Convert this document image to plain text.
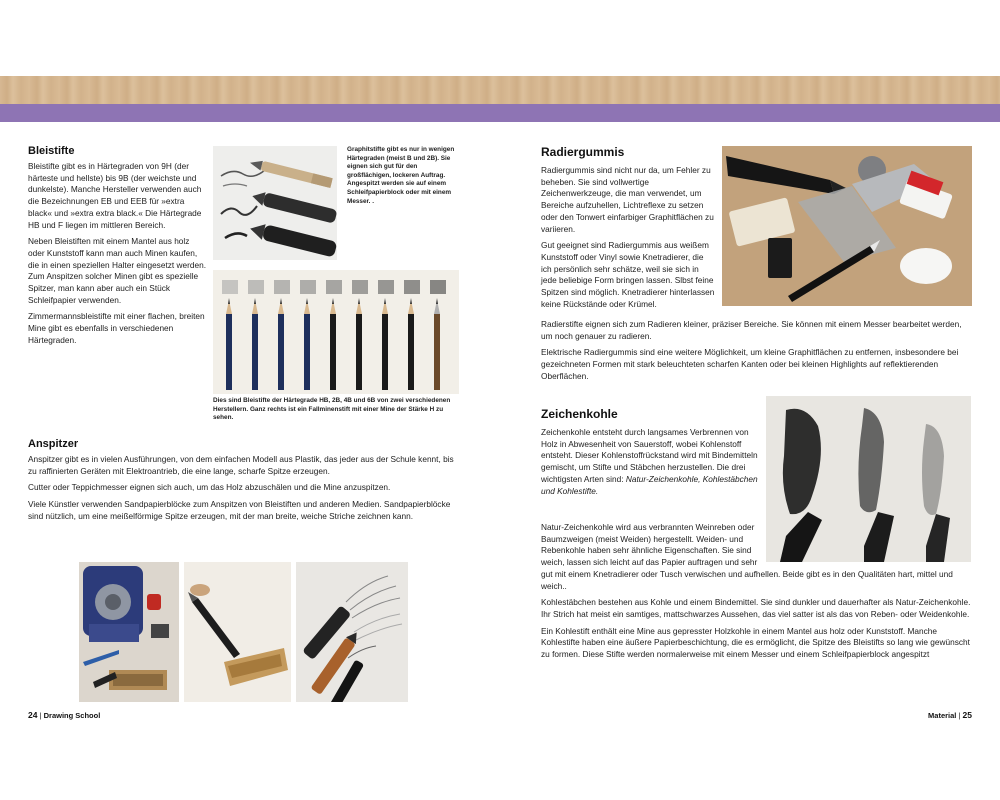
Bleistifte

Bleistifte gibt es in Härtegraden von 9H (der härteste und hellste) bis 9B (der weichste und dunkelste). Manche Hersteller verwenden auch die Bezeichnungen EB und EEB für »extra black« und »extra extra black.« Die Härtegrade HB und F liegen im mittleren Bereich.

Neben Bleistiften mit einem Mantel aus holz oder Kunststoff kann man auch Minen kaufen, die in einen speziellen Halter eingesetzt werden. Zum Anspitzen solcher Minen gibt es spezielle Spitzer, man kann aber auch ein Stück Schleifpapier verwenden.

Zimmermannsbleistifte mit einer flachen, breiten Mine gibt es ebenfalls in verschiedenen Härtegraden.

Graphitstifte gibt es nur in wenigen Härtegraden (meist B und 2B). Sie eignen sich gut für den großflächigen, lockeren Auftrag. Angespitzt werden sie auf einem Schleifpapierblock oder mit einem Messer. .

Dies sind Bleistifte der Härtegrade HB, 2B, 4B und 6B von zwei verschiedenen Herstellern. Ganz rechts ist ein Fallminenstift mit einer Mine der Stärke H zu sehen.

Anspitzer

Anspitzer gibt es in vielen Ausführungen, von dem einfachen Modell aus Plastik, das jeder aus der Schule kennt, bis zu raffinierten Geräten mit Elektroantrieb, die eine lange, scharfe Spitze erzeugen.

Cutter oder Teppichmesser eignen sich auch, um das Holz abzuschälen und die Mine anzuspitzen.

Viele Künstler verwenden Sandpapierblöcke zum Anspitzen von Bleistiften und anderen Medien. Sandpapierblöcke sind nützlich, um eine meißelförmige Spitze erzeugen, mit der man breite, weiche Striche zeichnen kann.

24 | Drawing School
Radiergummis

Radiergummis sind nicht nur da, um Fehler zu beheben. Sie sind vollwertige Zeichenwerkzeuge, die man verwendet, um Bereiche aufzuhellen, Lichtreflexe zu setzen oder den Tonwert einfarbiger Graphitflächen zu variieren.

Gut geeignet sind Radiergummis aus weißem Kunststoff oder Vinyl sowie Knetradierer, die ich persönlich sehr schätze, weil sie sich in jede beliebige Form bringen lassen. Slbst feine Spitzen sind möglich. Knetradierer hinterlassen keine Rückstände oder Krümel.

Radierstifte eignen sich zum Radieren kleiner, präziser Bereiche. Sie können mit einem Messer bearbeitet werden, um noch genauer zu radieren.

Elektrische Radiergummis sind eine weitere Möglichkeit, um kleine Graphitflächen zu entfernen, insbesondere bei gezeichneten Formen mit stark beleuchteten scharfen Kanten oder bei kleinen Highlights auf reflektierenden Oberflächen.

Zeichenkohle

Zeichenkohle entsteht durch langsames Verbrennen von Holz in Abwesenheit von Sauerstoff, wobei Kohlenstoff entsteht. Dieser Kohlenstoffrückstand wird mit Bindemitteln gemischt, um Stifte und Stäbchen herzustellen. Die drei wichtigsten Arten sind: Natur-Zeichenkohle, Kohlestäbchen und Kohlestifte.

Natur-Zeichenkohle wird aus verbrannten Weinreben oder Baumzweigen (meist Weiden) hergestellt. Weiden- und Rebenkohle haben sehr ähnliche Eigenschaften. Sie sind weich, lassen sich leicht auf das Papier auftragen und sehr gut mit einem Knetradierer oder Tusch verwischen und aufhellen. Beide gibt es in den Qualitäten hart, mittel und weich..

Kohlestäbchen bestehen aus Kohle und einem Bindemittel. Sie sind dunkler und dauerhafter als Natur-Zeichenkohle. Ihr Strich hat meist ein samtiges, mattschwarzes Aussehen, das viel satter ist als das von Reben- oder Weidenkohle.

Ein Kohlestift enthält eine Mine aus gepresster Holzkohle in einem Mantel aus holz oder Kunststoff. Manche Kohlestifte haben eine äußere Papierbeschichtung, die es ermöglicht, die Spitze des Bleistifts so lang wie gewünscht zu formen. Diese Stifte werden normalerweise mit einem Messer und einem Schleifpapierblock angespitzt

Material | 25
